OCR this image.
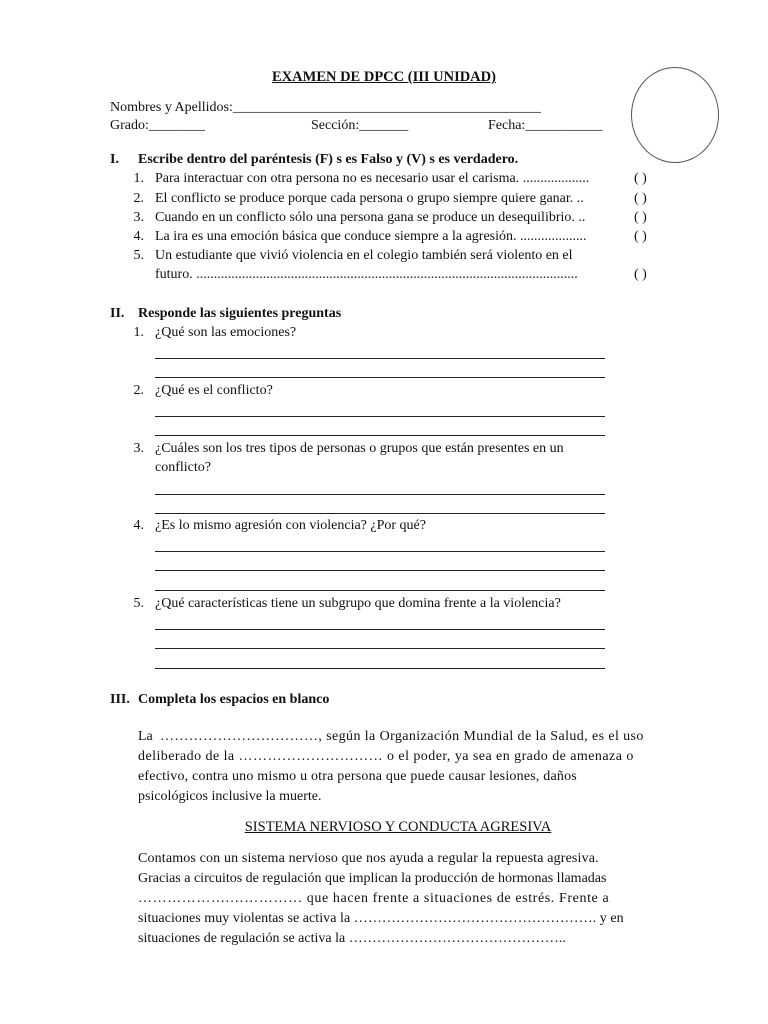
EXAMEN DE DPCC (III UNIDAD)
Nombres y Apellidos:____________________________________________
Grado:________	Sección:_______	Fecha:___________
I. Escribe dentro del paréntesis (F) s es Falso y (V) s es verdadero.
1. Para interactuar con otra persona no es necesario usar el carisma. ...................	( )
2. El conflicto se produce porque cada persona o grupo siempre quiere ganar. ..	( )
3. Cuando en un conflicto sólo una persona gana se produce un desequilibrio. ..	( )
4. La ira es una emoción básica que conduce siempre a la agresión. ...................	( )
5. Un estudiante que vivió violencia en el colegio también será violento en el
futuro. .............................................................................................................	( )
II. Responde las siguientes preguntas
1. ¿Qué son las emociones?
2. ¿Qué es el conflicto?
3. ¿Cuáles son los tres tipos de personas o grupos que están presentes en un
conflicto?
4. ¿Es lo mismo agresión con violencia? ¿Por qué?
5. ¿Qué características tiene un subgrupo que domina frente a la violencia?
III. Completa los espacios en blanco
La ……………………………, según la Organización Mundial de la Salud, es el uso
deliberado de la ………………………… o el poder, ya sea en grado de amenaza o
efectivo, contra uno mismo u otra persona que puede causar lesiones, daños
psicológicos inclusive la muerte.
SISTEMA NERVIOSO Y CONDUCTA AGRESIVA
Contamos con un sistema nervioso que nos ayuda a regular la repuesta agresiva.
Gracias a circuitos de regulación que implican la producción de hormonas llamadas
……………….…………… que hacen frente a situaciones de estrés. Frente a
situaciones muy violentas se activa la ……………………………………………. y en
situaciones de regulación se activa la ………………………………………..
